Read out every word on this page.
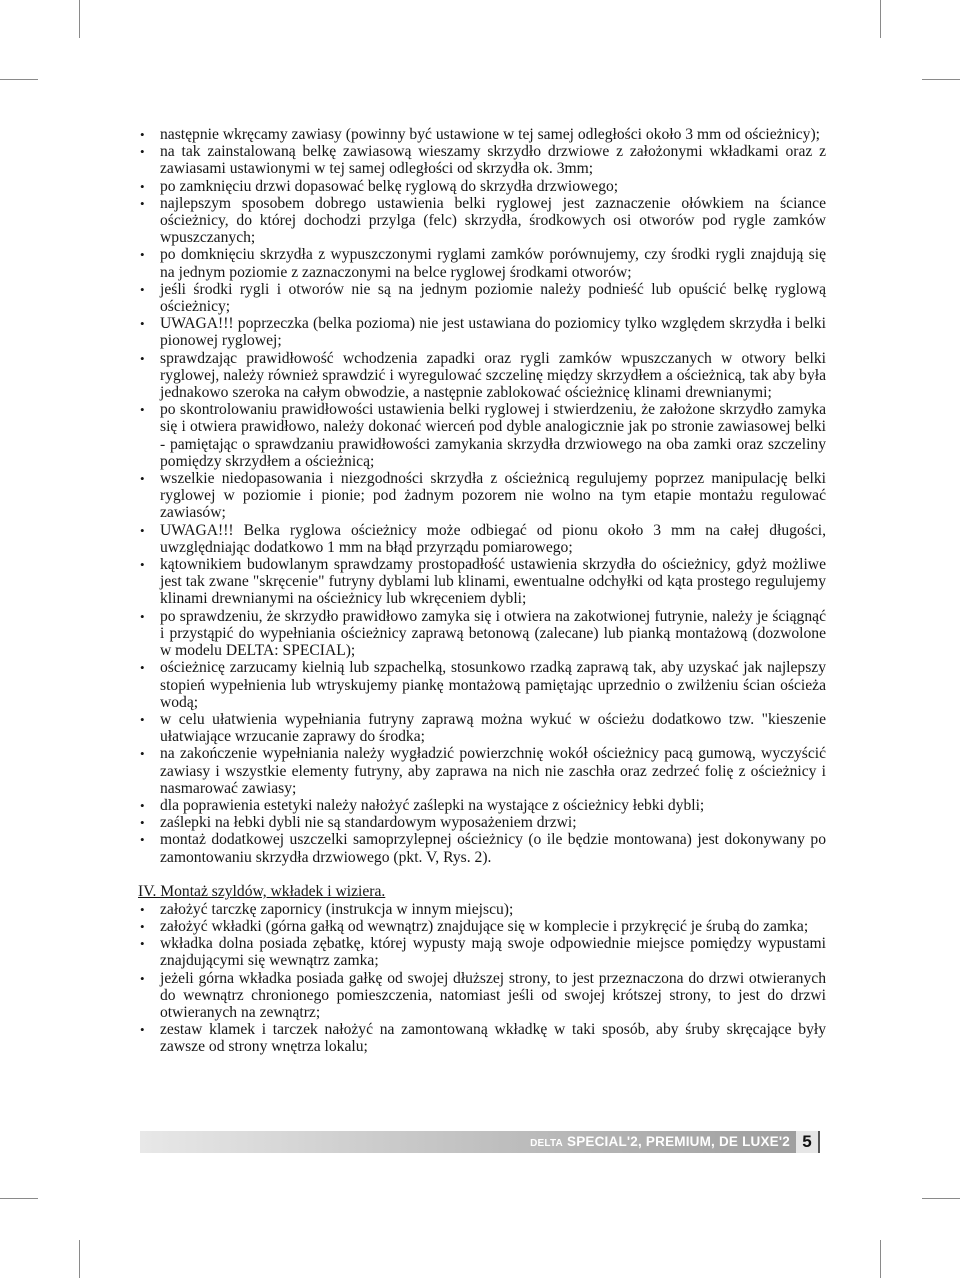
• następnie wkręcamy zawiasy (powinny być ustawione w tej samej odległości około 3 mm od ościeżnicy);
• na tak zainstalowaną belkę zawiasową wieszamy skrzydło drzwiowe z założonymi wkładkami oraz z zawiasami ustawionymi w tej samej odległości od skrzydła ok. 3mm;
• po zamknięciu drzwi dopasować belkę ryglową do skrzydła drzwiowego;
• najlepszym sposobem dobrego ustawienia belki ryglowej jest zaznaczenie ołówkiem na ściance ościeżnicy, do której dochodzi przylga (felc) skrzydła, środkowych osi otworów pod rygle zamków wpuszczanych;
• po domknięciu skrzydła z wypuszczonymi ryglami zamków porównujemy, czy środki rygli znajdują się na jednym poziomie z zaznaczonymi na belce ryglowej środkami otworów;
• jeśli środki rygli i otworów nie są na jednym poziomie należy podnieść lub opuścić belkę ryglową ościeżnicy;
• UWAGA!!! poprzeczka (belka pozioma) nie jest ustawiana do poziomicy tylko względem skrzydła i belki pionowej ryglowej;
• sprawdzając prawidłowość wchodzenia zapadki oraz rygli zamków wpuszczanych w otwory belki ryglowej, należy również sprawdzić i wyregulować szczelinę między skrzydłem a ościeżnicą, tak aby była jednakowo szeroka na całym obwodzie, a następnie zablokować ościeżnicę klinami drewnianymi;
• po skontrolowaniu prawidłowości ustawienia belki ryglowej i stwierdzeniu, że założone skrzydło zamyka się i otwiera prawidłowo, należy dokonać wierceń pod dyble analogicznie jak po stronie zawiasowej belki - pamiętając o sprawdzaniu prawidłowości zamykania skrzydła drzwiowego na oba zamki oraz szczeliny pomiędzy skrzydłem a ościeżnicą;
• wszelkie niedopasowania i niezgodności skrzydła z ościeżnicą regulujemy poprzez manipulację belki ryglowej w poziomie i pionie; pod żadnym pozorem nie wolno na tym etapie montażu regulować zawiasów;
• UWAGA!!! Belka ryglowa ościeżnicy może odbiegać od pionu około 3 mm na całej długości, uwzględniając dodatkowo 1 mm na błąd przyrządu pomiarowego;
• kątownikiem budowlanym sprawdzamy prostopadłość ustawienia skrzydła do ościeżnicy, gdyż możliwe jest tak zwane "skręcenie" futryny dyblami lub klinami, ewentualne odchyłki od kąta prostego regulujemy klinami drewnianymi na ościeżnicy lub wkręceniem dybli;
• po sprawdzeniu, że skrzydło prawidłowo zamyka się i otwiera na zakotwionej futrynie, należy je ściągnąć i przystąpić do wypełniania ościeżnicy zaprawą betonową (zalecane) lub pianką montażową (dozwolone w modelu DELTA: SPECIAL);
• ościeżnicę zarzucamy kielnią lub szpachelką, stosunkowo rzadką zaprawą tak, aby uzyskać jak najlepszy stopień wypełnienia lub wtryskujemy piankę montażową pamiętając uprzednio o zwilżeniu ścian ościeża wodą;
• w celu ułatwienia wypełniania futryny zaprawą można wykuć w ościeżu dodatkowo tzw. "kieszenie ułatwiające wrzucanie zaprawy do środka;
• na zakończenie wypełniania należy wygładzić powierzchnię wokół ościeżnicy pacą gumową, wyczyścić zawiasy i wszystkie elementy futryny, aby zaprawa na nich nie zaschła oraz zedrzeć folię z ościeżnicy i nasmarować zawiasy;
• dla poprawienia estetyki należy nałożyć zaślepki na wystające z ościeżnicy łebki dybli;
• zaślepki na łebki dybli nie są standardowym wyposażeniem drzwi;
• montaż dodatkowej uszczelki samoprzylepnej ościeżnicy (o ile będzie montowana) jest dokonywany po zamontowaniu skrzydła drzwiowego (pkt. V, Rys. 2).
IV. Montaż szyldów, wkładek i wiziera.
• założyć tarczkę zapornicy (instrukcja w innym miejscu);
• założyć wkładki (górna gałką od wewnątrz) znajdujące się w komplecie i przykręcić je śrubą do zamka;
• wkładka dolna posiada zębatkę, której wypusty mają swoje odpowiednie miejsce pomiędzy wypustami znajdującymi się wewnątrz zamka;
• jeżeli górna wkładka posiada gałkę od swojej dłuższej strony, to jest przeznaczona do drzwi otwieranych do wewnątrz chronionego pomieszczenia, natomiast jeśli od swojej krótszej strony, to jest do drzwi otwieranych na zewnątrz;
• zestaw klamek i tarczek nałożyć na zamontowaną wkładkę w taki sposób, aby śruby skręcające były zawsze od strony wnętrza lokalu;
DELTA SPECIAL'2, PREMIUM, DE LUXE'2 5
